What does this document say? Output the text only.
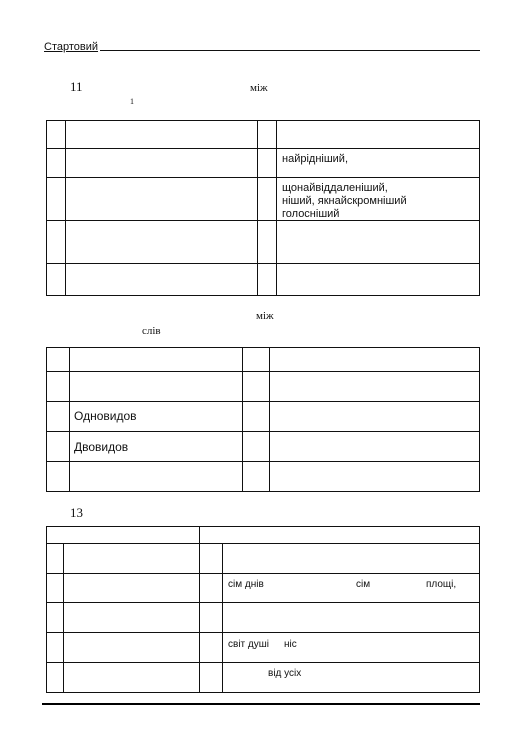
Стартовий
11	між
1
найрідніший,
щонайвіддаленіший,
ніший, якнайскромніший
голосніший
між
слів
Одновидов
Двовидов
13
сім днів	сім	площі,
світ душі ніс
від усіх
